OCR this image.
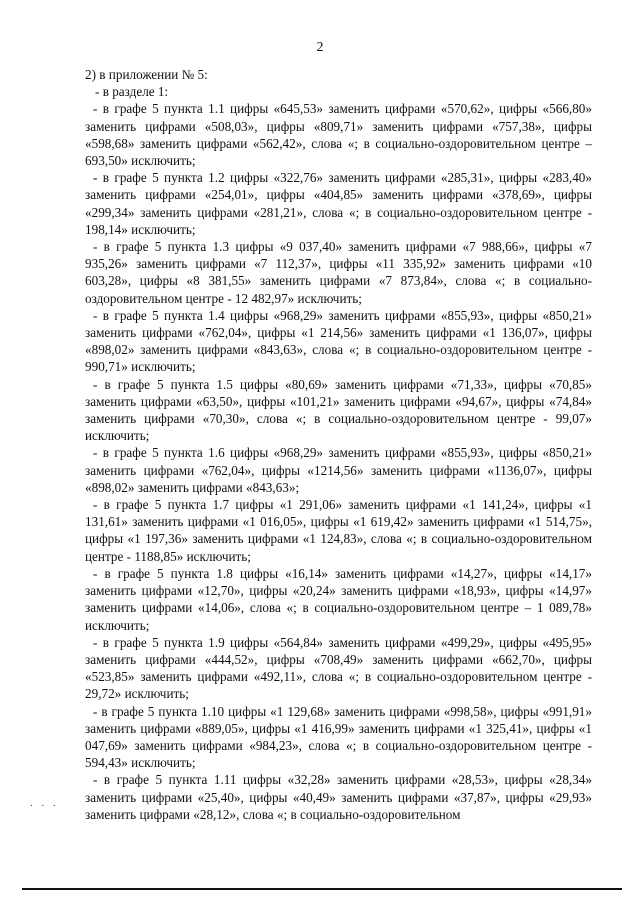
2

2) в приложении № 5:

- в разделе 1:

- в графе 5 пункта 1.1 цифры «645,53» заменить цифрами «570,62», цифры «566,80» заменить цифрами «508,03», цифры «809,71» заменить цифрами «757,38», цифры «598,68» заменить цифрами «562,42», слова «; в социально-оздоровительном центре – 693,50» исключить;

- в графе 5 пункта 1.2 цифры «322,76» заменить цифрами «285,31», цифры «283,40» заменить цифрами «254,01», цифры «404,85» заменить цифрами «378,69», цифры «299,34» заменить цифрами «281,21», слова «; в социально-оздоровительном центре - 198,14» исключить;

- в графе 5 пункта 1.3 цифры «9 037,40» заменить цифрами «7 988,66», цифры «7 935,26» заменить цифрами «7 112,37», цифры «11 335,92» заменить цифрами «10 603,28», цифры «8 381,55» заменить цифрами «7 873,84», слова «; в социально-оздоровительном центре - 12 482,97» исключить;

- в графе 5 пункта 1.4 цифры «968,29» заменить цифрами «855,93», цифры «850,21» заменить цифрами «762,04», цифры «1 214,56» заменить цифрами «1 136,07», цифры «898,02» заменить цифрами «843,63», слова «; в социально-оздоровительном центре - 990,71» исключить;

- в графе 5 пункта 1.5 цифры «80,69» заменить цифрами «71,33», цифры «70,85» заменить цифрами «63,50», цифры «101,21» заменить цифрами «94,67», цифры «74,84» заменить цифрами «70,30», слова «; в социально-оздоровительном центре - 99,07» исключить;

- в графе 5 пункта 1.6 цифры «968,29» заменить цифрами «855,93», цифры «850,21» заменить цифрами «762,04», цифры «1214,56» заменить цифрами «1136,07», цифры «898,02» заменить цифрами «843,63»;

- в графе 5 пункта 1.7 цифры «1 291,06» заменить цифрами «1 141,24», цифры «1 131,61» заменить цифрами «1 016,05», цифры «1 619,42» заменить цифрами «1 514,75», цифры «1 197,36» заменить цифрами «1 124,83», слова «; в социально-оздоровительном центре - 1188,85» исключить;

- в графе 5 пункта 1.8 цифры «16,14» заменить цифрами «14,27», цифры «14,17» заменить цифрами «12,70», цифры «20,24» заменить цифрами «18,93», цифры «14,97» заменить цифрами «14,06», слова «; в социально-оздоровительном центре – 1 089,78» исключить;

- в графе 5 пункта 1.9 цифры «564,84» заменить цифрами «499,29», цифры «495,95» заменить цифрами «444,52», цифры «708,49» заменить цифрами «662,70», цифры «523,85» заменить цифрами «492,11», слова «; в социально-оздоровительном центре - 29,72» исключить;

- в графе 5 пункта 1.10 цифры «1 129,68» заменить цифрами «998,58», цифры «991,91» заменить цифрами «889,05», цифры «1 416,99» заменить цифрами «1 325,41», цифры «1 047,69» заменить цифрами «984,23», слова «; в социально-оздоровительном центре - 594,43» исключить;

- в графе 5 пункта 1.11 цифры «32,28» заменить цифрами «28,53», цифры «28,34» заменить цифрами «25,40», цифры «40,49» заменить цифрами «37,87», цифры «29,93» заменить цифрами «28,12», слова «; в социально-оздоровительном

. . .
